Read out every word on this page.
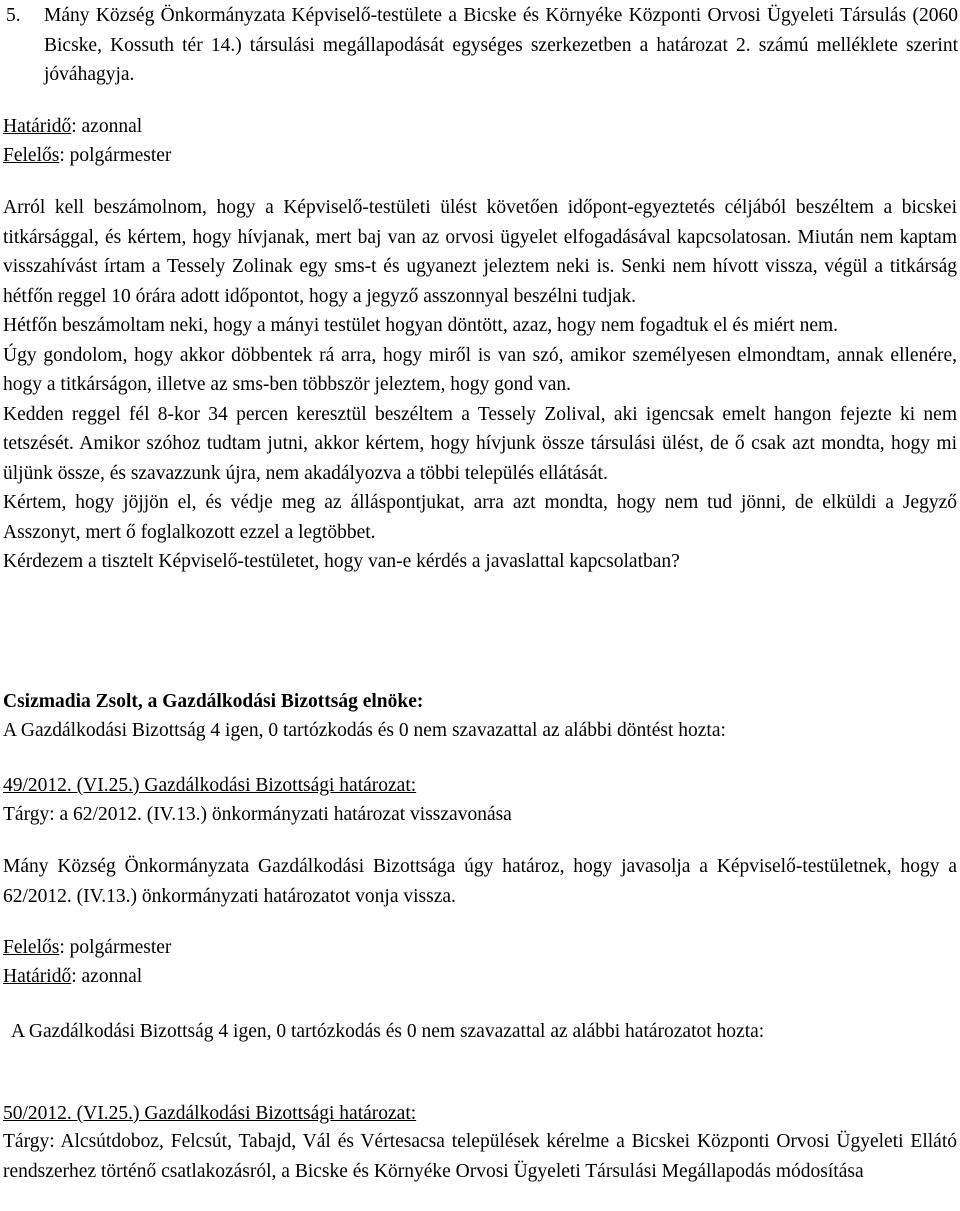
5. Mány Község Önkormányzata Képviselő-testülete a Bicske és Környéke Központi Orvosi Ügyeleti Társulás (2060 Bicske, Kossuth tér 14.) társulási megállapodását egységes szerkezetben a határozat 2. számú melléklete szerint jóváhagyja.

Határidő: azonnal

Felelős: polgármester

Arról kell beszámolnom, hogy a Képviselő-testületi ülést követően időpont-egyeztetés céljából beszéltem a bicskei titkársággal, és kértem, hogy hívjanak, mert baj van az orvosi ügyelet elfogadásával kapcsolatosan. Miután nem kaptam visszahívást írtam a Tessely Zolinak egy sms-t és ugyanezt jeleztem neki is. Senki nem hívott vissza, végül a titkárság hétfőn reggel 10 órára adott időpontot, hogy a jegyző asszonnyal beszélni tudjak.

Hétfőn beszámoltam neki, hogy a mányi testület hogyan döntött, azaz, hogy nem fogadtuk el és miért nem.

Úgy gondolom, hogy akkor döbbentek rá arra, hogy miről is van szó, amikor személyesen elmondtam, annak ellenére, hogy a titkárságon, illetve az sms-ben többször jeleztem, hogy gond van.

Kedden reggel fél 8-kor 34 percen keresztül beszéltem a Tessely Zolival, aki igencsak emelt hangon fejezte ki nem tetszését. Amikor szóhoz tudtam jutni, akkor kértem, hogy hívjunk össze társulási ülést, de ő csak azt mondta, hogy mi üljünk össze, és szavazzunk újra, nem akadályozva a többi település ellátását.

Kértem, hogy jöjjön el, és védje meg az álláspontjukat, arra azt mondta, hogy nem tud jönni, de elküldi a Jegyző Asszonyt, mert ő foglalkozott ezzel a legtöbbet.

Kérdezem a tisztelt Képviselő-testületet, hogy van-e kérdés a javaslattal kapcsolatban?

Csizmadia Zsolt, a Gazdálkodási Bizottság elnöke:

A Gazdálkodási Bizottság 4 igen, 0 tartózkodás és 0 nem szavazattal az alábbi döntést hozta:

49/2012. (VI.25.) Gazdálkodási Bizottsági határozat:

Tárgy: a 62/2012. (IV.13.) önkormányzati határozat visszavonása

Mány Község Önkormányzata Gazdálkodási Bizottsága úgy határoz, hogy javasolja a Képviselő-testületnek, hogy a 62/2012. (IV.13.) önkormányzati határozatot vonja vissza.

Felelős: polgármester

Határidő: azonnal

A Gazdálkodási Bizottság 4 igen, 0 tartózkodás és 0 nem szavazattal az alábbi határozatot hozta:

50/2012. (VI.25.) Gazdálkodási Bizottsági határozat:

Tárgy: Alcsútdoboz, Felcsút, Tabajd, Vál és Vértesacsa települések kérelme a Bicskei Központi Orvosi Ügyeleti Ellátó rendszerhez történő csatlakozásról, a Bicske és Környéke Orvosi Ügyeleti Társulási Megállapodás módosítása
